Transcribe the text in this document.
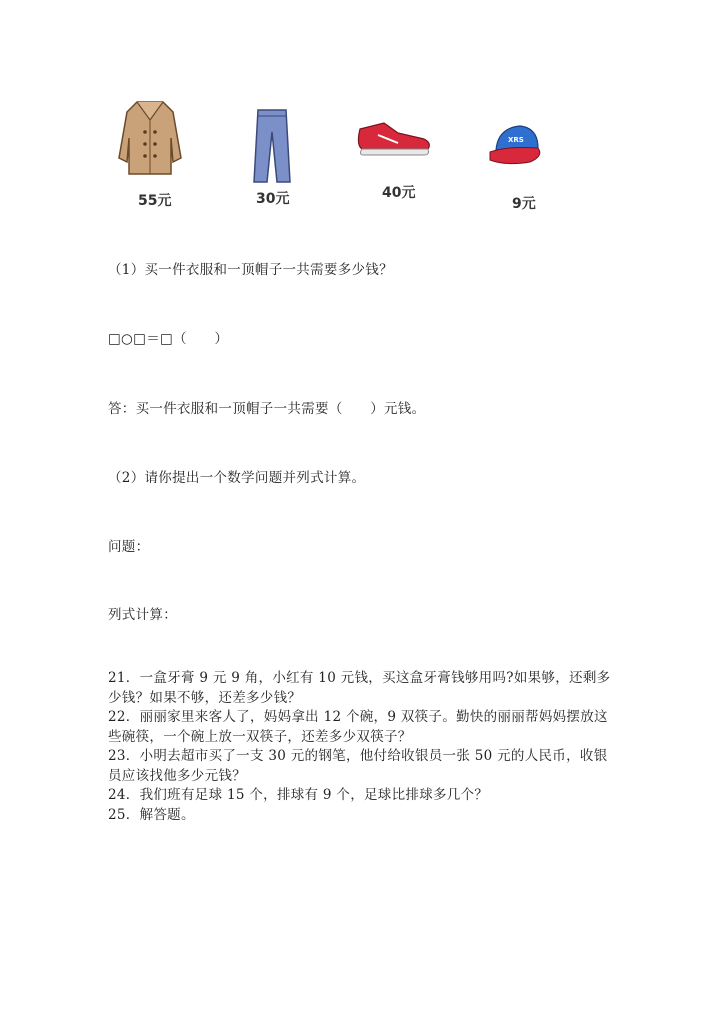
55元	30元	40元
XRS
9元
（1）买一件衣服和一顶帽子一共需要多少钱？
□○□＝□（　　）
答：买一件衣服和一顶帽子一共需要（　　）元钱。
（2）请你提出一个数学问题并列式计算。
问题：
列式计算：
21．一盒牙膏 9 元 9 角，小红有 10 元钱，买这盒牙膏钱够用吗?如果够，还剩多少钱？如果不够，还差多少钱？
22．丽丽家里来客人了，妈妈拿出 12 个碗，9 双筷子。勤快的丽丽帮妈妈摆放这些碗筷，一个碗上放一双筷子，还差多少双筷子？
23．小明去超市买了一支 30 元的钢笔，他付给收银员一张 50 元的人民币，收银员应该找他多少元钱？
24．我们班有足球 15 个，排球有 9 个，足球比排球多几个？
25．解答题。
